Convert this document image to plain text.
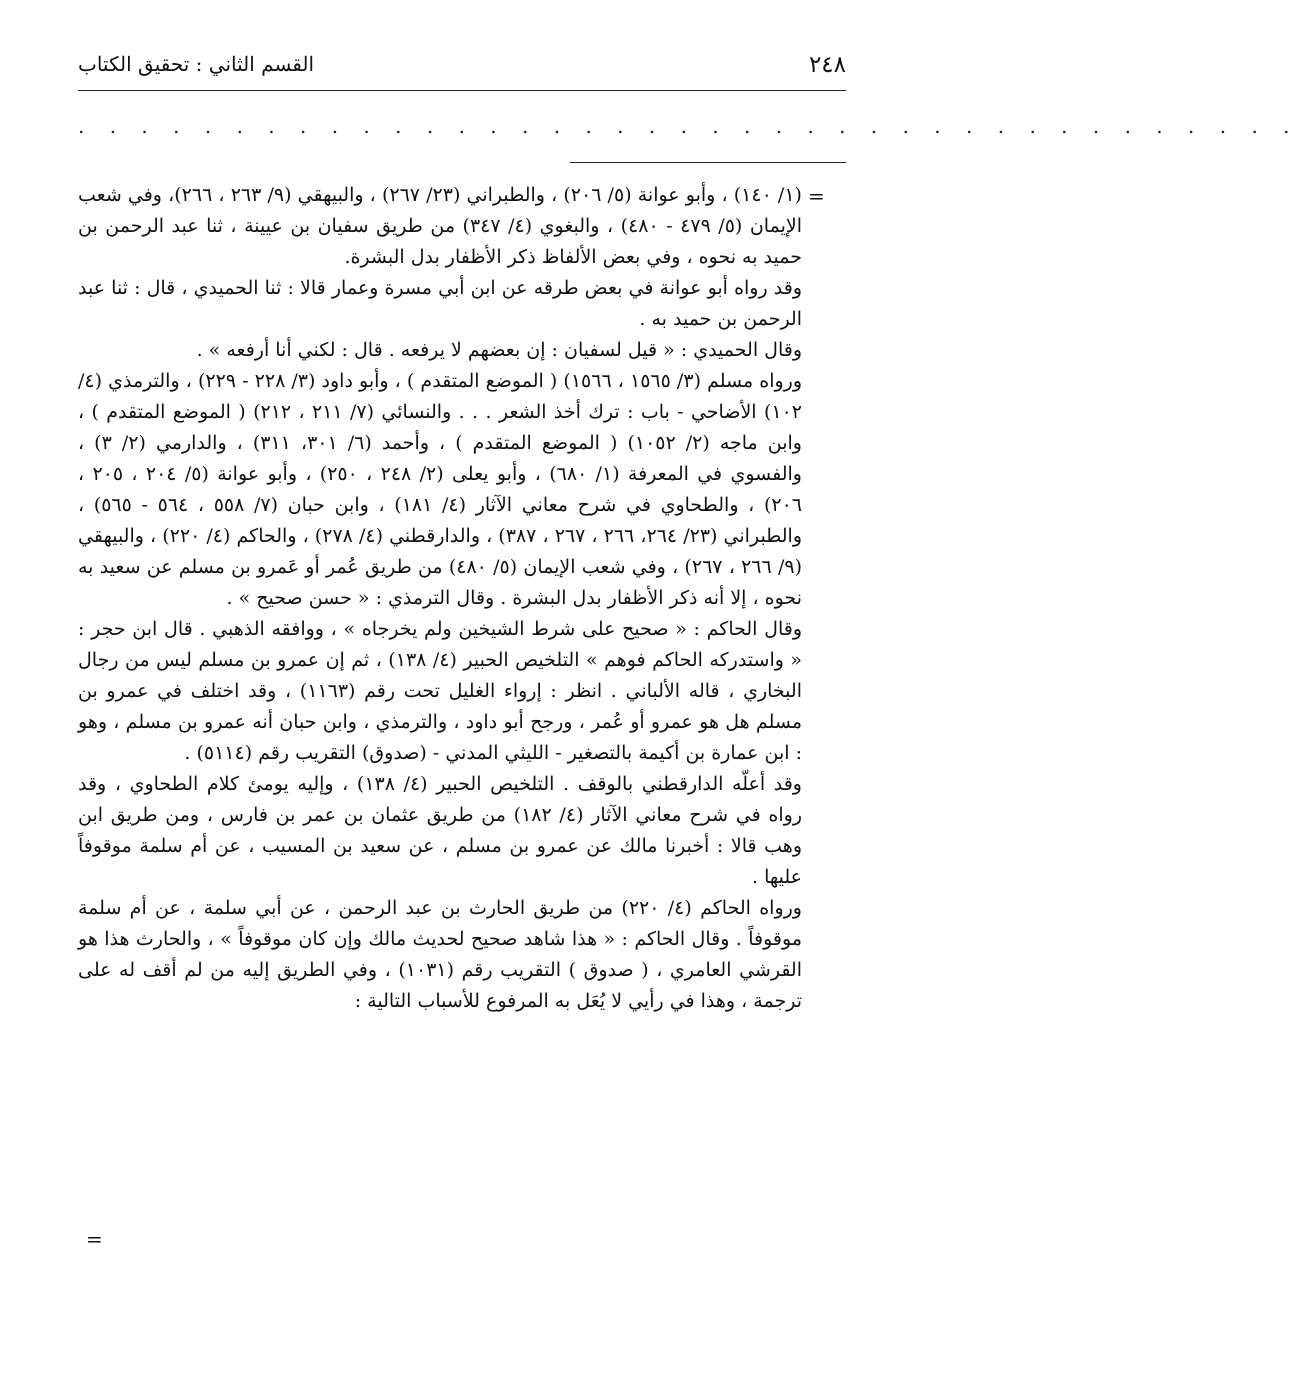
٢٤٨
القسم الثاني : تحقيق الكتاب
. . . . . . . . . . . . . . . . . . . . . . . . . . . . . . . . . . . . . . .
=

(١/ ١٤٠) ، وأبو عوانة (٥/ ٢٠٦) ، والطبراني (٢٣/ ٢٦٧) ، والبيهقي (٩/ ٢٦٣ ، ٢٦٦)، وفي شعب الإيمان (٥/ ٤٧٩ - ٤٨٠) ، والبغوي (٤/ ٣٤٧) من طريق سفيان بن عيينة ، ثنا عبد الرحمن بن حميد به نحوه ، وفي بعض الألفاظ ذكر الأظفار بدل البشرة.

وقد رواه أبو عوانة في بعض طرقه عن ابن أبي مسرة وعمار قالا : ثنا الحميدي ، قال : ثنا عبد الرحمن بن حميد به .

وقال الحميدي : « قيل لسفيان : إن بعضهم لا يرفعه . قال : لكني أنا أرفعه » .

ورواه مسلم (٣/ ١٥٦٥ ، ١٥٦٦) ( الموضع المتقدم ) ، وأبو داود (٣/ ٢٢٨ - ٢٢٩) ، والترمذي (٤/ ١٠٢) الأضاحي - باب : ترك أخذ الشعر . . . والنسائي (٧/ ٢١١ ، ٢١٢) ( الموضع المتقدم ) ، وابن ماجه (٢/ ١٠٥٢) ( الموضع المتقدم ) ، وأحمد (٦/ ٣٠١، ٣١١) ، والدارمي (٢/ ٣) ، والفسوي في المعرفة (١/ ٦٨٠) ، وأبو يعلى (٢/ ٢٤٨ ، ٢٥٠) ، وأبو عوانة (٥/ ٢٠٤ ، ٢٠٥ ، ٢٠٦) ، والطحاوي في شرح معاني الآثار (٤/ ١٨١) ، وابن حبان (٧/ ٥٥٨ ، ٥٦٤ - ٥٦٥) ، والطبراني (٢٣/ ٢٦٤، ٢٦٦ ، ٢٦٧ ، ٣٨٧) ، والدارقطني (٤/ ٢٧٨) ، والحاكم (٤/ ٢٢٠) ، والبيهقي (٩/ ٢٦٦ ، ٢٦٧) ، وفي شعب الإيمان (٥/ ٤٨٠) من طريق عُمر أو عَمرو بن مسلم عن سعيد به نحوه ، إلا أنه ذكر الأظفار بدل البشرة . وقال الترمذي : « حسن صحيح » .

وقال الحاكم : « صحيح على شرط الشيخين ولم يخرجاه » ، ووافقه الذهبي . قال ابن حجر : « واستدركه الحاكم فوهم » التلخيص الحبير (٤/ ١٣٨) ، ثم إن عمرو بن مسلم ليس من رجال البخاري ، قاله الألباني . انظر : إرواء الغليل تحت رقم (١١٦٣) ، وقد اختلف في عمرو بن مسلم هل هو عمرو أو عُمر ، ورجح أبو داود ، والترمذي ، وابن حبان أنه عمرو بن مسلم ، وهو : ابن عمارة بن أكيمة بالتصغير - الليثي المدني - (صدوق) التقريب رقم (٥١١٤) .

وقد أعلّه الدارقطني بالوقف . التلخيص الحبير (٤/ ١٣٨) ، وإليه يومئ كلام الطحاوي ، وقد رواه في شرح معاني الآثار (٤/ ١٨٢) من طريق عثمان بن عمر بن فارس ، ومن طريق ابن وهب قالا : أخبرنا مالك عن عمرو بن مسلم ، عن سعيد بن المسيب ، عن أم سلمة موقوفاً عليها .

ورواه الحاكم (٤/ ٢٢٠) من طريق الحارث بن عبد الرحمن ، عن أبي سلمة ، عن أم سلمة موقوفاً . وقال الحاكم : « هذا شاهد صحيح لحديث مالك وإن كان موقوفاً » ، والحارث هذا هو القرشي العامري ، ( صدوق ) التقريب رقم (١٠٣١) ، وفي الطريق إليه من لم أقف له على ترجمة ، وهذا في رأيي لا يُعَل به المرفوع للأسباب التالية :

=
